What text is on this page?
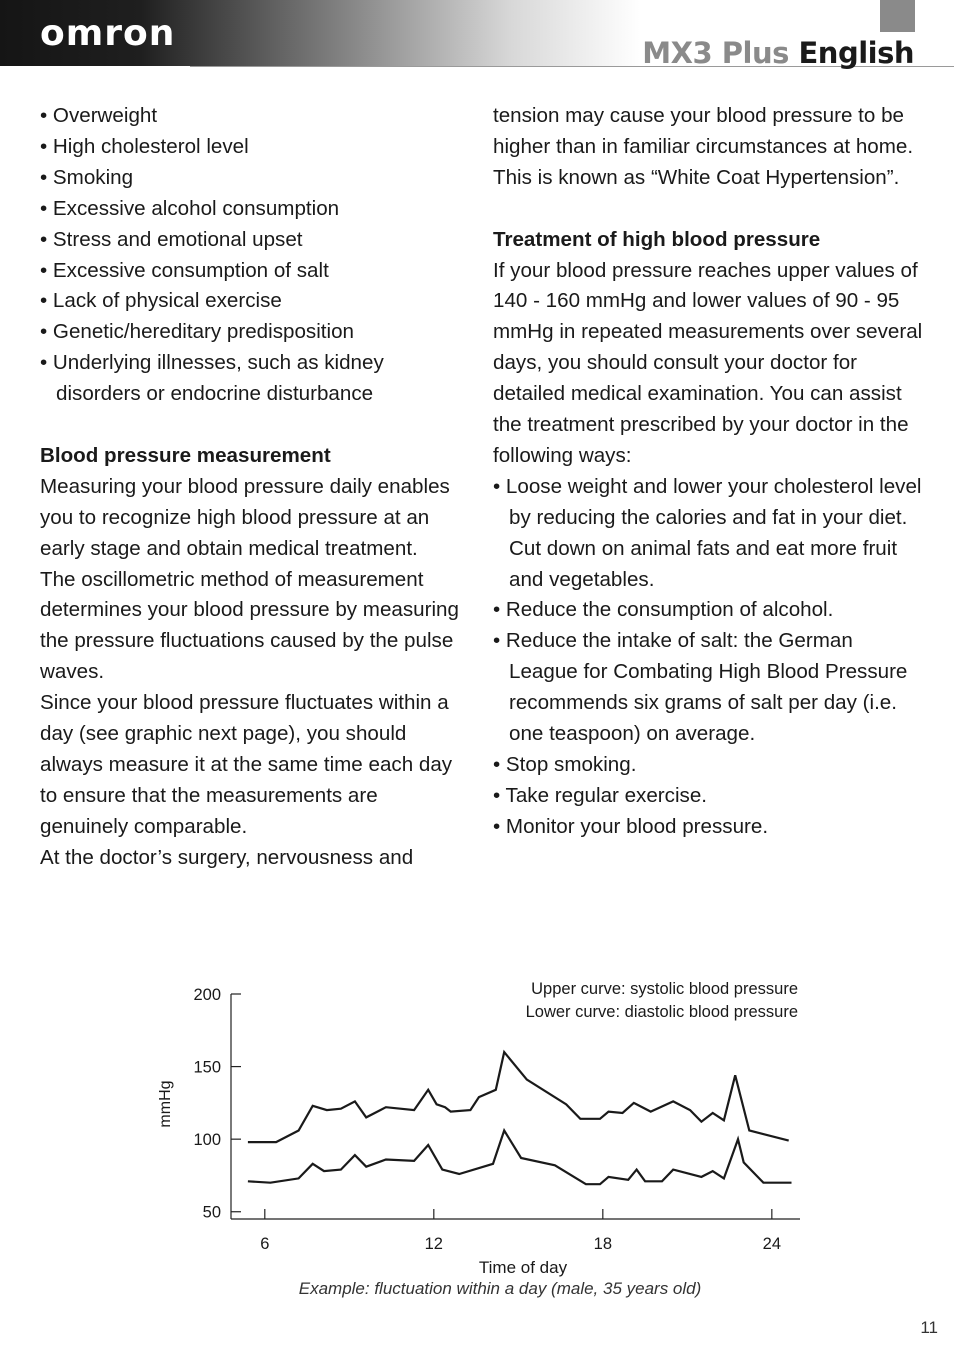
omron	MX3 Plus English
• Overweight
• High cholesterol level
• Smoking
• Excessive alcohol consumption
• Stress and emotional upset
• Excessive consumption of salt
• Lack of physical exercise
• Genetic/hereditary predisposition
• Underlying illnesses, such as kidney disorders or endocrine disturbance
Blood pressure measurement

Measuring your blood pressure daily enables you to recognize high blood pressure at an early stage and obtain medical treatment.

The oscillometric method of measurement determines your blood pressure by measuring the pressure fluctuations caused by the pulse waves.

Since your blood pressure fluctuates within a day (see graphic next page), you should always measure it at the same time each day to ensure that the measurements are genuinely comparable.

At the doctor’s surgery, nervousness and

tension may cause your blood pressure to be higher than in familiar circumstances at home. This is known as “White Coat Hypertension”.

Treatment of high blood pressure

If your blood pressure reaches upper values of 140 - 160 mmHg and lower values of 90 - 95 mmHg in repeated measurements over several days, you should consult your doctor for detailed medical examination. You can assist the treatment prescribed by your doctor in the following ways:

• Loose weight and lower your cholesterol level by reducing the calories and fat in your diet. Cut down on animal fats and eat more fruit and vegetables.
• Reduce the consumption of alcohol.
• Reduce the intake of salt: the German League for Combating High Blood Pressure recommends six grams of salt per day (i.e. one teaspoon) on average.
• Stop smoking.
• Take regular exercise.
• Monitor your blood pressure.
50
100
150
200
6	12	18	24
mmHg
Time of day
Upper curve: systolic blood pressure
Lower curve: diastolic blood pressure
Example: fluctuation within a day (male, 35 years old)
11
